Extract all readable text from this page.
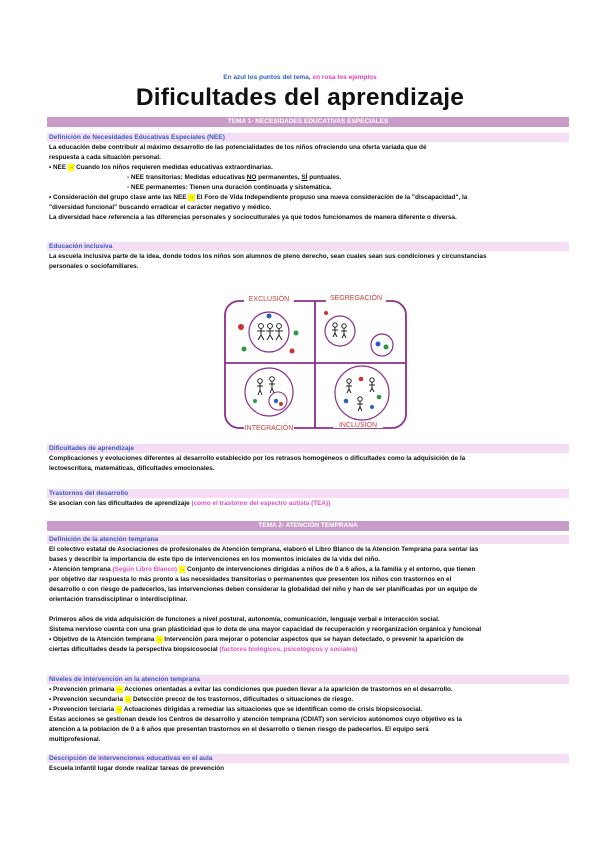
En azul los puntos del tema, en rosa los ejemplos
Dificultades del aprendizaje
TEMA 1- NECESIDADES EDUCATIVAS ESPECIALES
Definición de Necesidades Educativas Especiales (NEE)
La educación debe contribuir al máximo desarrollo de las potencialidades de los niños ofreciendo una oferta variada que dé
respuesta a cada situación personal.
• NEE → Cuando los niños requieren medidas educativas extraordinarias.
- NEE transitorias: Medidas educativas NO permanentes, SÍ puntuales.
- NEE permanentes: Tienen una duración continuada y sistemática.
• Consideración del grupo clase ante las NEE → El Foro de Vida Independiente propuso una nueva consideración de la "discapacidad", la
"diversidad funcional" buscando erradicar el carácter negativo y médico.
La diversidad hace referencia a las diferencias personales y socioculturales ya que todos funcionamos de manera diferente o diversa.
Educación inclusiva
La escuela inclusiva parte de la idea, donde todos los niños son alumnos de pleno derecho, sean cuales sean sus condiciones y circunstancias
personales o sociofamiliares.
EXCLUSIÓN	SEGREGACIÓN
INTEGRACIÓN	INCLUSIÓN
Dificultades de aprendizaje
Complicaciones y evoluciones diferentes al desarrollo establecido por los retrasos homogéneos o dificultades como la adquisición de la
lectoescritura, matemáticas, dificultades emocionales.
Trastornos del desarrollo
Se asocian con las dificultades de aprendizaje (como el trastorno del espectro autista (TEA))
TEMA 2- ATENCIÓN TEMPRANA
Definición de la atención temprana
El colectivo estatal de Asociaciones de profesionales de Atención temprana, elaboró el Libro Blanco de la Atención Temprana para sentar las
bases y describir la importancia de este tipo de intervenciones en los momentos iniciales de la vida del niño.
• Atención temprana (Según Libro Blanco) → Conjunto de intervenciones dirigidas a niños de 0 a 6 años, a la familia y el entorno, que tienen
por objetivo dar respuesta lo más pronto a las necesidades transitorias o permanentes que presenten los niños con trastornos en el
desarrollo o con riesgo de padecerlos, las intervenciones deben considerar la globalidad del niño y han de ser planificadas por un equipo de
orientación transdisciplinar o interdisciplinar.
Primeros años de vida adquisición de funciones a nivel postural, autonomía, comunicación, lenguaje verbal e interacción social.
Sistema nervioso cuenta con una gran plasticidad que lo dota de una mayor capacidad de recuperación y reorganización orgánica y funcional
• Objetivo de la Atención temprana → Intervención para mejorar o potenciar aspectos que se hayan detectado, o prevenir la aparición de
ciertas dificultades desde la perspectiva biopsicosocial (factores biológicos, psicológicos y sociales)
Niveles de intervención en la atención temprana
• Prevención primaria → Acciones orientadas a evitar las condiciones que pueden llevar a la aparición de trastornos en el desarrollo.
• Prevención secundaria → Detección precoz de los trastornos, dificultades o situaciones de riesgo.
• Prevención terciaria → Actuaciones dirigidas a remediar las situaciones que se identifican como de crisis biopsicosocial.
Estas acciones se gestionan desde los Centros de desarrollo y atención temprana (CDIAT) son servicios autónomos cuyo objetivo es la
atención a la población de 0 a 6 años que presentan trastornos en el desarrollo o tienen riesgo de padecerlos. El equipo será
multiprofesional.
Descripción de intervenciones educativas en el aula
Escuela infantil lugar donde realizar tareas de prevención
